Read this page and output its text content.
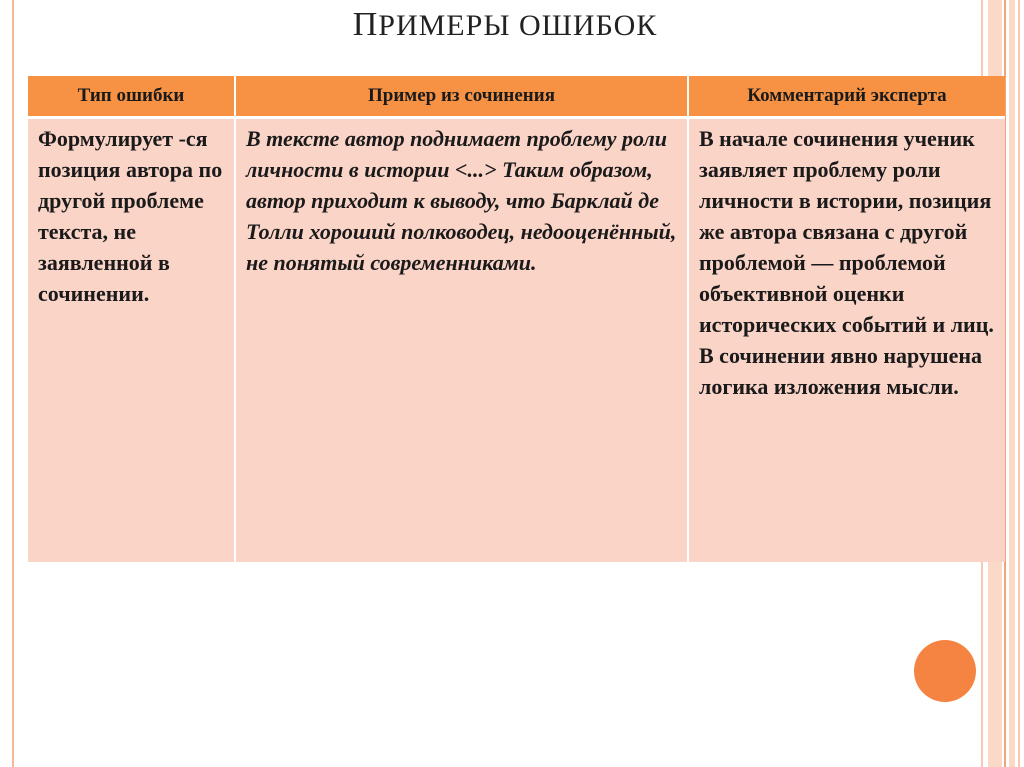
ПРИМЕРЫ ОШИБОК
Тип ошибки	Пример из сочинения	Комментарий эксперта
Формулирует -ся позиция автора по другой проблеме текста, не заявленной в сочинении.	В тексте автор поднимает проблему роли личности в истории <...> Таким образом, автор приходит к выводу, что Барклай де Толли хороший полководец, недооценённый, не понятый современниками.	В начале сочинения ученик заявляет проблему роли личности в истории, позиция же автора связана с другой проблемой — проблемой объективной оценки исторических событий и лиц. В сочинении явно нарушена логика изложения мысли.
